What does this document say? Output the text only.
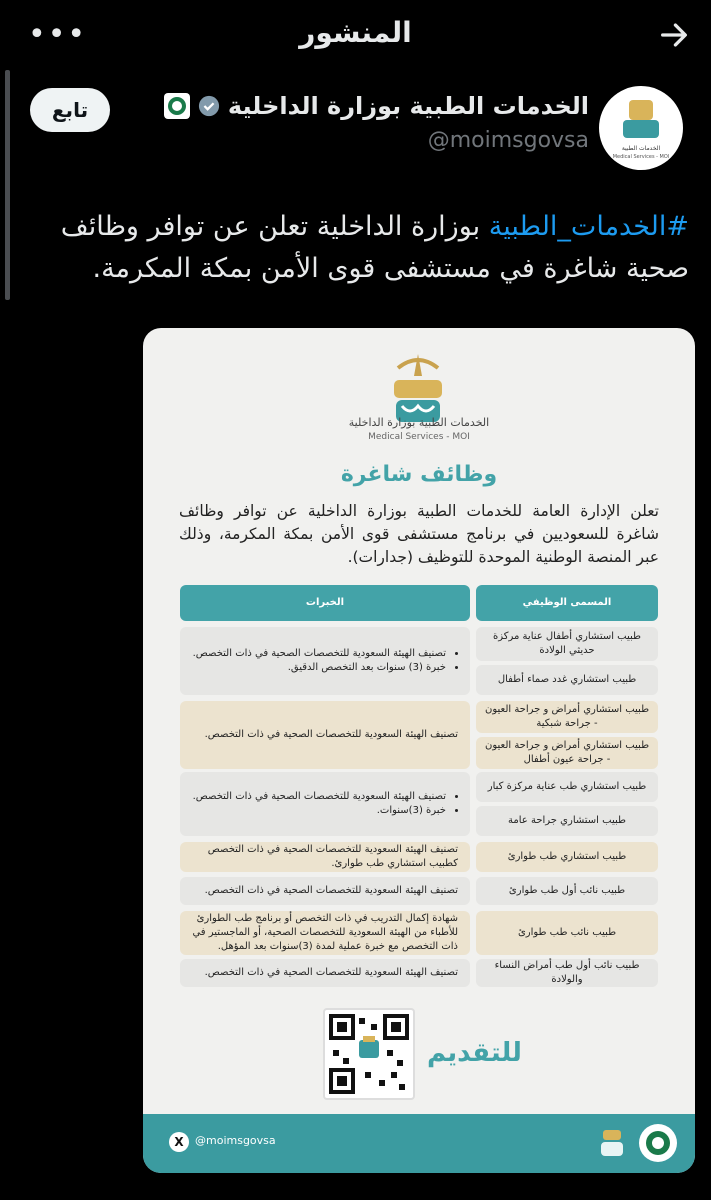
•••	المنشور
الخدمات الطبية
Medical Services - MOI
الخدمات الطبية بوزارة الداخلية
@moimsgovsa
تابع
#الخدمات_الطبية بوزارة الداخلية تعلن عن توافر وظائف صحية شاغرة في مستشفى قوى الأمن بمكة المكرمة.
الخدمات الطبية بوزارة الداخلية
Medical Services - MOI
وظائف شاغرة
تعلن الإدارة العامة للخدمات الطبية بوزارة الداخلية عن توافر وظائف شاغرة للسعوديين في برنامج مستشفى قوى الأمن بمكة المكرمة، وذلك عبر المنصة الوطنية الموحدة للتوظيف (جدارات).
المسمى الوظيفي
الخبرات
طبيب استشاري أطفال عناية مركزة حديثي الولادة
طبيب استشاري غدد صماء أطفال
طبيب استشاري أمراض و جراحة العيون - جراحة شبكية
طبيب استشاري أمراض و جراحة العيون - جراحة عيون أطفال
طبيب استشاري طب عناية مركزة كبار
طبيب استشاري جراحة عامة
طبيب استشاري طب طوارئ
طبيب نائب أول طب طوارئ
طبيب نائب طب طوارئ
طبيب نائب أول طب أمراض النساء والولادة
• تصنيف الهيئة السعودية للتخصصات الصحية في ذات التخصص.
• خبرة (3) سنوات بعد التخصص الدقيق.
تصنيف الهيئة السعودية للتخصصات الصحية في ذات التخصص.
• تصنيف الهيئة السعودية للتخصصات الصحية في ذات التخصص.
• خبرة (3)سنوات.
تصنيف الهيئة السعودية للتخصصات الصحية في ذات التخصص كطبيب استشاري طب طوارئ.
تصنيف الهيئة السعودية للتخصصات الصحية في ذات التخصص.
شهادة إكمال التدريب في ذات التخصص أو برنامج طب الطوارئ للأطباء من الهيئة السعودية للتخصصات الصحية، أو الماجستير في ذات التخصص مع خبرة عملية لمدة (3)سنوات بعد المؤهل.
تصنيف الهيئة السعودية للتخصصات الصحية في ذات التخصص.
للتقديم
X	@moimsgovsa
